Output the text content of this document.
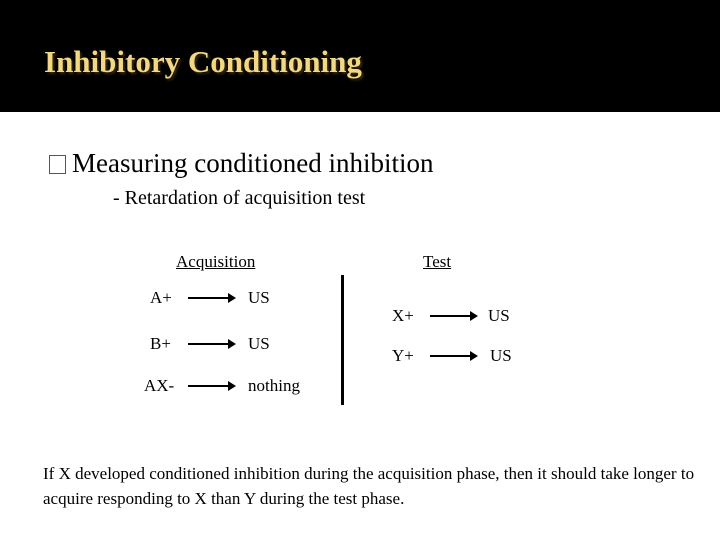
Inhibitory Conditioning
Measuring conditioned inhibition
- Retardation of acquisition test
Acquisition
A+	US
B+	US
AX-	nothing
Test
X+	US
Y+	US
If X developed conditioned inhibition during the acquisition phase, then it should take longer to acquire responding to X than Y during the test phase.
